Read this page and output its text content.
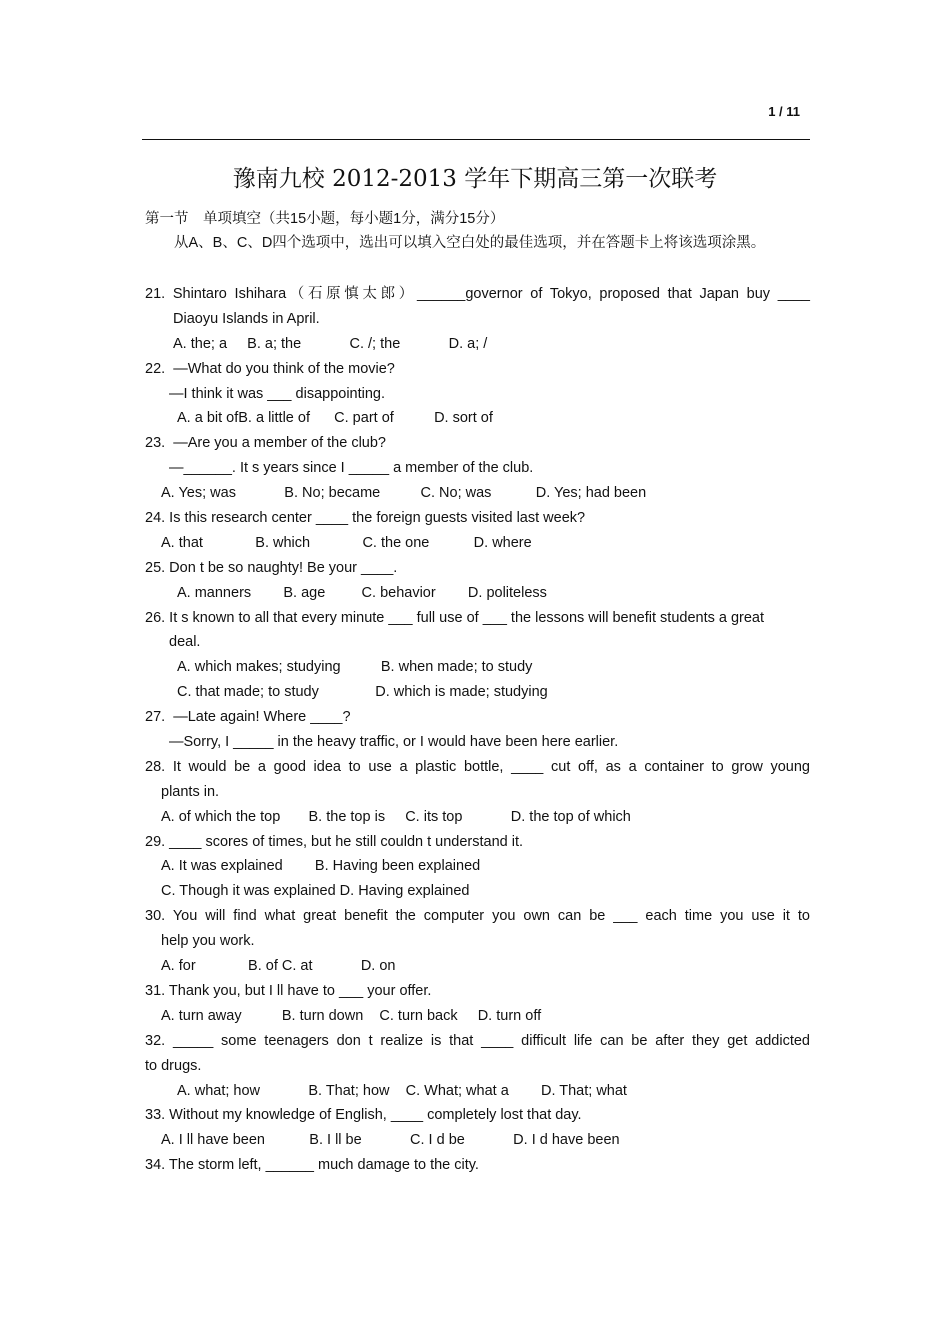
1 / 11
豫南九校 2012-2013 学年下期高三第一次联考
第一节　单项填空（共15小题，每小题1分，满分15分）
从A、B、C、D四个选项中，选出可以填入空白处的最佳选项，并在答题卡上将该选项涂黑。
21. Shintaro Ishihara（石原慎太郎）______governor of Tokyo, proposed that Japan buy ____
Diaoyu Islands in April.
A. the; a     B. a; the            C. /; the            D. a; /
22.  —What do you think of the movie?
—I think it was ___ disappointing.
A. a bit ofB. a little of      C. part of          D. sort of
23.  —Are you a member of the club?
—______. It s years since I _____ a member of the club.
A. Yes; was            B. No; became          C. No; was           D. Yes; had been
24. Is this research center ____ the foreign guests visited last week?
A. that             B. which             C. the one           D. where
25. Don t be so naughty! Be your ____.
A. manners        B. age         C. behavior        D. politeless
26. It s known to all that every minute ___ full use of ___ the lessons will benefit students a great
deal.
A. which makes; studying          B. when made; to study
C. that made; to study              D. which is made; studying
27.  —Late again! Where ____?
—Sorry, I _____ in the heavy traffic, or I would have been here earlier.
28. It would be a good idea to use a plastic bottle, ____ cut off, as a container to grow young
plants in.
A. of which the top       B. the top is     C. its top            D. the top of which
29. ____ scores of times, but he still couldn t understand it.
A. It was explained        B. Having been explained
C. Though it was explained D. Having explained
30. You will find what great benefit the computer you own can be ___ each time you use it to
help you work.
A. for             B. of C. at            D. on
31. Thank you, but I ll have to ___ your offer.
A. turn away          B. turn down    C. turn back     D. turn off
32. _____ some teenagers don t realize is that ____ difficult life can be after they get addicted
to drugs.
A. what; how            B. That; how    C. What; what a        D. That; what
33. Without my knowledge of English, ____ completely lost that day.
A. I ll have been           B. I ll be            C. I d be            D. I d have been
34. The storm left, ______ much damage to the city.
